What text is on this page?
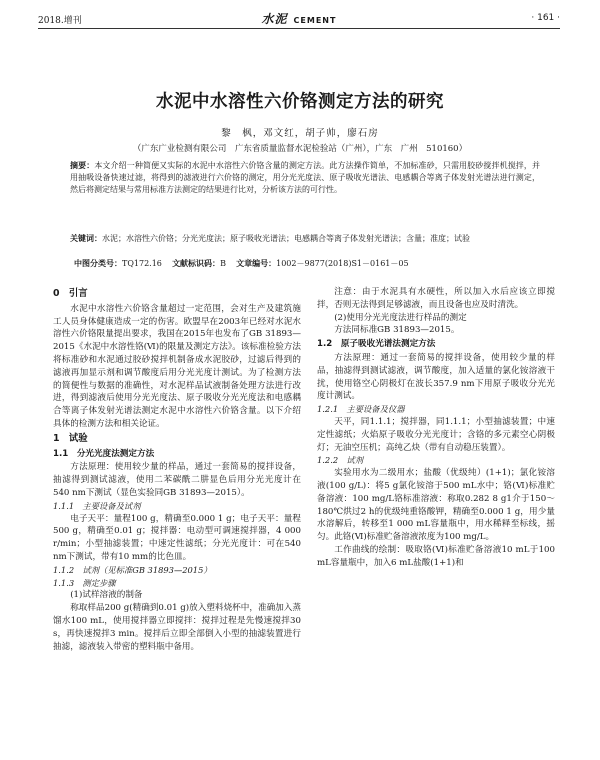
2018.增刊	水泥 CEMENT	· 161 ·
水泥中水溶性六价铬测定方法的研究
黎　枫，邓文红，胡子帅，廖石房
（广东广业检测有限公司　广东省质量监督水泥检验站（广州），广东　广州　510160）
摘要：本文介绍一种简便又实际的水泥中水溶性六价铬含量的测定方法。此方法操作简单，不加标准砂，只需用胶砂搅拌机搅拌，并用抽吸设备快速过滤，将得到的滤液进行六价铬的测定，用分光光度法、原子吸收光谱法、电感耦合等离子体发射光谱法进行测定，然后将测定结果与常用标准方法测定的结果进行比对，分析该方法的可行性。
关键词：水泥；水溶性六价铬；分光光度法；原子吸收光谱法；电感耦合等离子体发射光谱法；含量；准度；试验
中图分类号：TQ172.16 文献标识码：B 文章编号：1002－9877(2018)S1－0161－05
0　引言

水泥中水溶性六价铬含量超过一定范围，会对生产及建筑施工人员身体健康造成一定的伤害。欧盟早在2003年已经对水泥水溶性六价铬限量提出要求，我国在2015年也发布了GB 31893—2015《水泥中水溶性铬(Ⅵ)的限量及测定方法》。该标准检验方法将标准砂和水泥通过胶砂搅拌机制备成水泥胶砂，过滤后得到的滤液再加显示剂和调节酸度后用分光光度计测试。为了检测方法的简便性与数据的准确性，对水泥样品试液制备处理方法进行改进，得到滤液后使用分光光度法、原子吸收分光光度法和电感耦合等离子体发射光谱法测定水泥中水溶性六价铬含量。以下介绍具体的检测方法和相关论证。

1　试验
1.1　分光光度法测定方法

方法原理：使用较少量的样品，通过一套简易的搅拌设备，抽滤得到测试滤液，使用二苯碳酰二肼显色后用分光光度计在540 nm下测试（显色实验同GB 31893—2015）。

1.1.1　主要设备及试剂

电子天平：量程100 g，精确至0.000 1 g；电子天平：量程500 g，精确至0.01 g；搅拌器：电动型可调速搅拌器，4 000 r/min；小型抽滤装置；中速定性滤纸；分光光度计：可在540 nm下测试，带有10 mm的比色皿。

1.1.2　试剂（见标准GB 31893—2015）
1.1.3　测定步骤

(1)试样溶液的制备

称取样品200 g(精确到0.01 g)放入塑料烧杯中，准确加入蒸馏水100 mL，使用搅拌器立即搅拌：搅拌过程是先慢速搅拌30 s，再快速搅拌3 min。搅拌后立即全部倒入小型的抽滤装置进行抽滤，滤液装入带密的塑料瓶中备用。

注意：由于水泥具有水硬性，所以加入水后应该立即搅拌，否则无法得到足够滤液，而且设备也应及时清洗。

(2)使用分光光度法进行样品的测定

方法同标准GB 31893—2015。

1.2　原子吸收光谱法测定方法

方法原理：通过一套简易的搅拌设备，使用较少量的样品，抽滤得到测试滤液，调节酸度，加入适量的氯化铵溶液干扰，使用铬空心阴极灯在波长357.9 nm下用原子吸收分光光度计测试。

1.2.1　主要设备及仪器

天平，同1.1.1；搅拌器，同1.1.1；小型抽滤装置；中速定性滤纸；火焰原子吸收分光光度计；含铬的多元素空心阴极灯；无油空压机；高纯乙炔（带有自动稳压装置）。

1.2.2　试剂

实验用水为二级用水；盐酸（优级纯）(1+1)；氯化铵溶液(100 g/L)：将5 g氯化铵溶于500 mL水中；铬(Ⅵ)标准贮备溶液：100 mg/L铬标准溶液：称取0.282 8 g1介于150～180℃烘过2 h的优级纯重铬酸钾，精确至0.000 1 g，用少量水溶解后，转移至1 000 mL容量瓶中，用水稀释至标线，摇匀。此铬(Ⅵ)标准贮备溶液浓度为100 mg/L。

工作曲线的绘制：吸取铬(Ⅵ)标准贮备溶液10 mL于100 mL容量瓶中，加入6 mL盐酸(1+1)和
